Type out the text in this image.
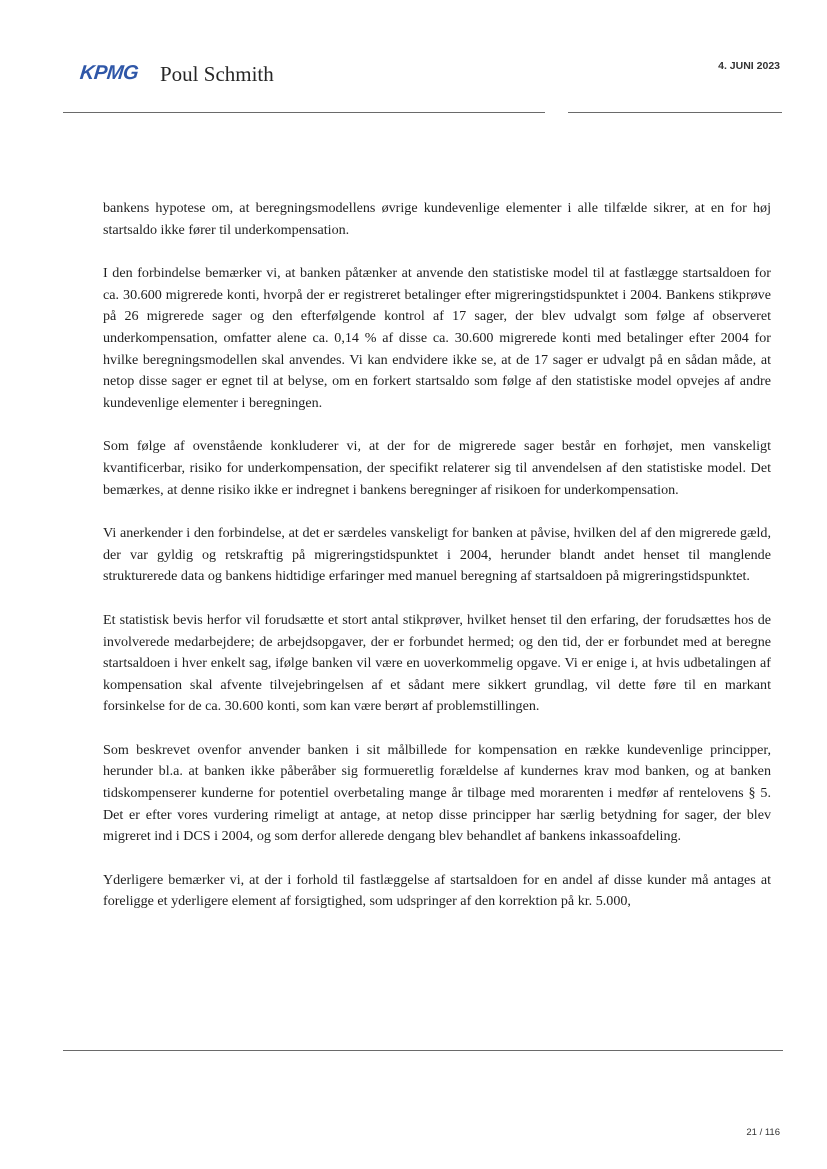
KPMG Poul Schmith	4. JUNI 2023

bankens hypotese om, at beregningsmodellens øvrige kundevenlige elementer i alle tilfælde sikrer, at en for høj startsaldo ikke fører til underkompensation.

I den forbindelse bemærker vi, at banken påtænker at anvende den statistiske model til at fastlægge startsaldoen for ca. 30.600 migrerede konti, hvorpå der er registreret betalinger efter migreringstidspunktet i 2004. Bankens stikprøve på 26 migrerede sager og den efterfølgende kontrol af 17 sager, der blev udvalgt som følge af observeret underkompensation, omfatter alene ca. 0,14 % af disse ca. 30.600 migrerede konti med betalinger efter 2004 for hvilke beregningsmodellen skal anvendes. Vi kan endvidere ikke se, at de 17 sager er udvalgt på en sådan måde, at netop disse sager er egnet til at belyse, om en forkert startsaldo som følge af den statistiske model opvejes af andre kundevenlige elementer i beregningen.

Som følge af ovenstående konkluderer vi, at der for de migrerede sager består en forhøjet, men vanskeligt kvantificerbar, risiko for underkompensation, der specifikt relaterer sig til anvendelsen af den statistiske model. Det bemærkes, at denne risiko ikke er indregnet i bankens beregninger af risikoen for underkompensation.

Vi anerkender i den forbindelse, at det er særdeles vanskeligt for banken at påvise, hvilken del af den migrerede gæld, der var gyldig og retskraftig på migreringstidspunktet i 2004, herunder blandt andet henset til manglende strukturerede data og bankens hidtidige erfaringer med manuel beregning af startsaldoen på migreringstidspunktet.

Et statistisk bevis herfor vil forudsætte et stort antal stikprøver, hvilket henset til den erfaring, der forudsættes hos de involverede medarbejdere; de arbejdsopgaver, der er forbundet hermed; og den tid, der er forbundet med at beregne startsaldoen i hver enkelt sag, ifølge banken vil være en uoverkommelig opgave. Vi er enige i, at hvis udbetalingen af kompensation skal afvente tilvejebringelsen af et sådant mere sikkert grundlag, vil dette føre til en markant forsinkelse for de ca. 30.600 konti, som kan være berørt af problemstillingen.

Som beskrevet ovenfor anvender banken i sit målbillede for kompensation en række kundevenlige principper, herunder bl.a. at banken ikke påberåber sig formueretlig forældelse af kundernes krav mod banken, og at banken tidskompenserer kunderne for potentiel overbetaling mange år tilbage med morarenten i medfør af rentelovens § 5. Det er efter vores vurdering rimeligt at antage, at netop disse principper har særlig betydning for sager, der blev migreret ind i DCS i 2004, og som derfor allerede dengang blev behandlet af bankens inkassoafdeling.

Yderligere bemærker vi, at der i forhold til fastlæggelse af startsaldoen for en andel af disse kunder må antages at foreligge et yderligere element af forsigtighed, som udspringer af den korrektion på kr. 5.000,

21 / 116
